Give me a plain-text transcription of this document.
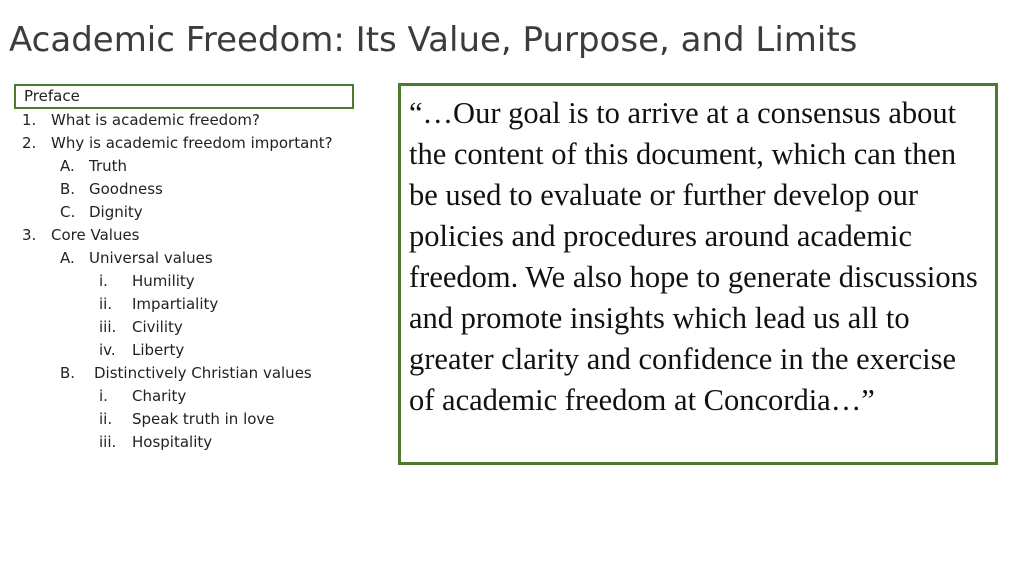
Academic Freedom: Its Value, Purpose, and Limits
Preface
1. What is academic freedom?
2. Why is academic freedom important?
A. Truth
B. Goodness
C. Dignity
3. Core Values
A. Universal values
i. Humility
ii. Impartiality
iii. Civility
iv. Liberty
B. Distinctively Christian values
i. Charity
ii. Speak truth in love
iii. Hospitality

“…Our goal is to arrive at a consensus about the content of this document, which can then be used to evaluate or further develop our policies and procedures around academic freedom. We also hope to generate discussions and promote insights which lead us all to greater clarity and confidence in the exercise of academic freedom at Concordia…”
